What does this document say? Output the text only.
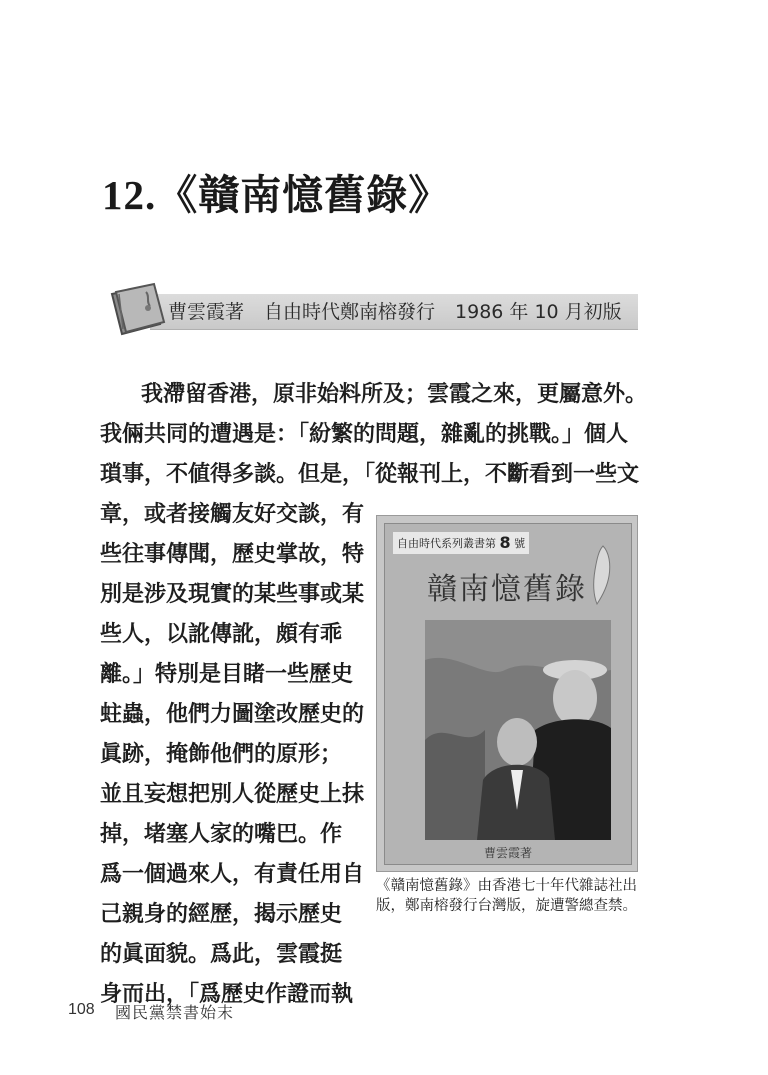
12.《贛南憶舊錄》
曹雲霞著 自由時代鄭南榕發行 1986 年 10 月初版
我滯留香港，原非始料所及；雲霞之來，更屬意外。
我倆共同的遭遇是：「紛繁的問題，雜亂的挑戰。」個人
瑣事，不値得多談。但是，「從報刊上，不斷看到一些文
章，或者接觸友好交談，有
些往事傳聞，歷史掌故，特
別是涉及現實的某些事或某
些人，以訛傳訛，頗有乖
離。」特別是目睹一些歷史
蛀蟲，他們力圖塗改歷史的
眞跡，掩飾他們的原形；
並且妄想把別人從歷史上抹
掉，堵塞人家的嘴巴。作
爲一個過來人，有責任用自
己親身的經歷，揭示歷史
的眞面貌。爲此，雲霞挺
身而出，「爲歷史作證而執
自由時代系列叢書第 8 號
贛南憶舊錄
曹雲霞著
《贛南憶舊錄》由香港七十年代雜誌社出版，鄭南榕發行台灣版，旋遭警總查禁。
108 國民黨禁書始末
